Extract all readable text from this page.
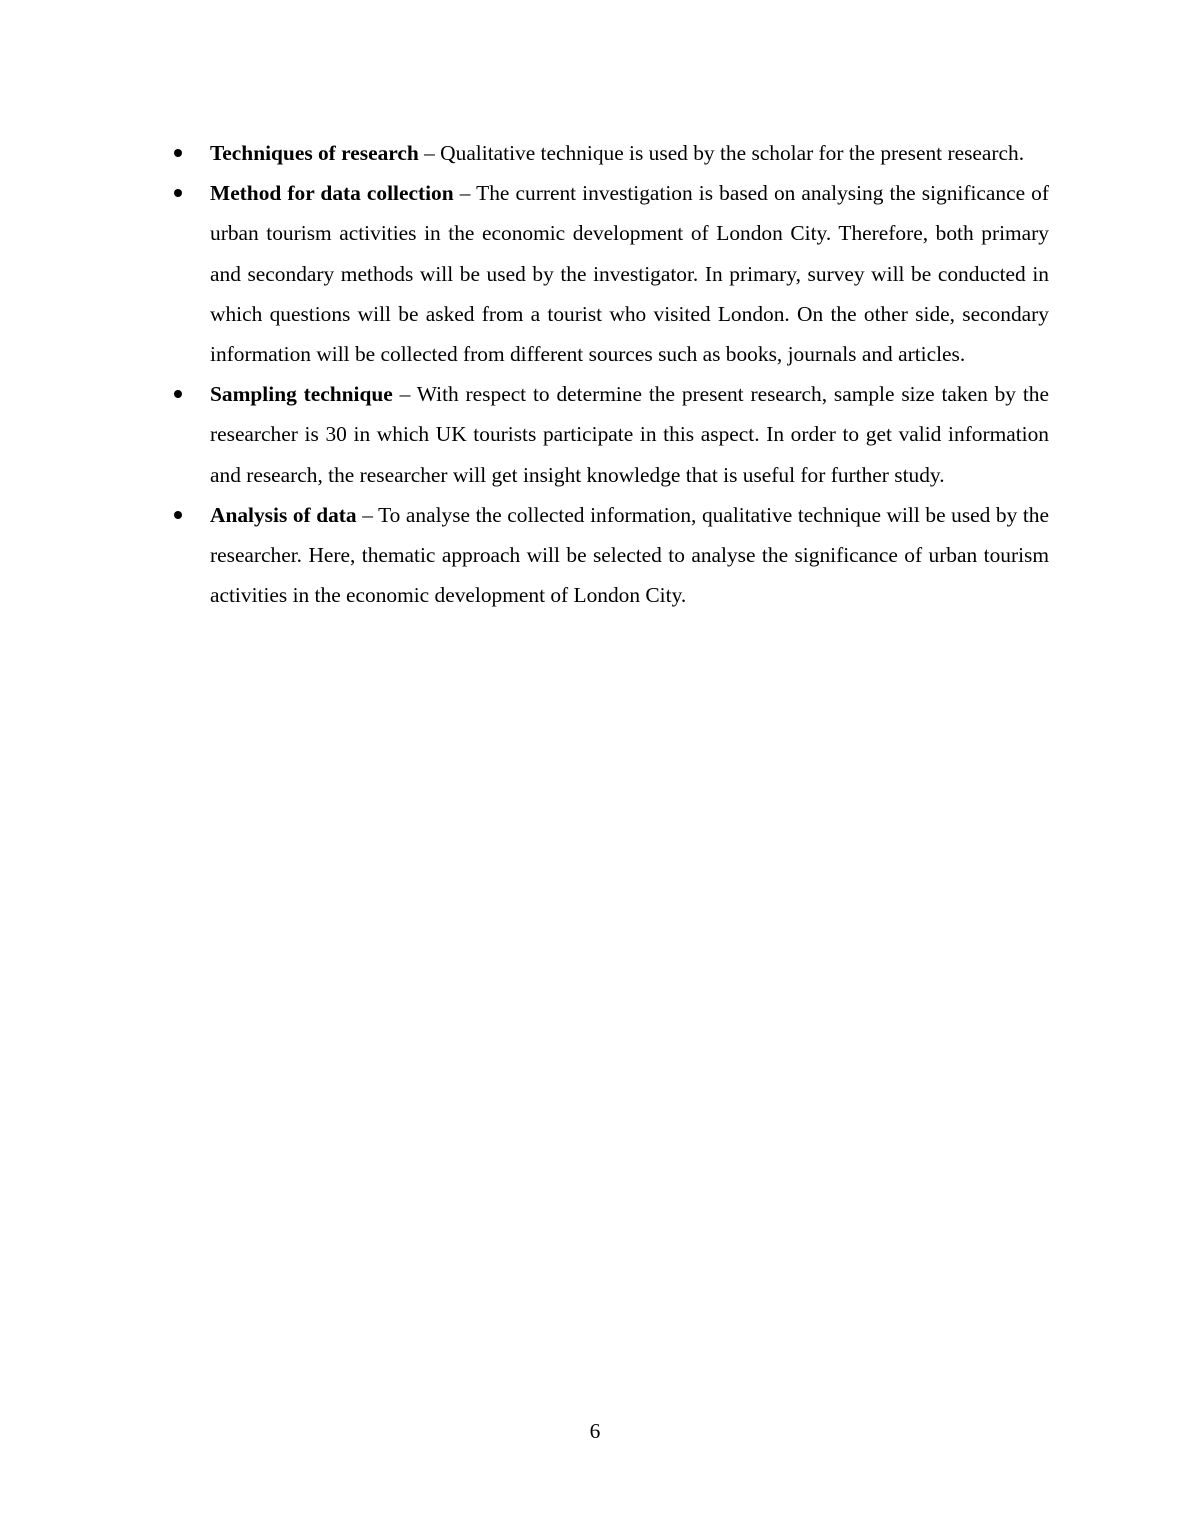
Techniques of research – Qualitative technique is used by the scholar for the present research.
Method for data collection – The current investigation is based on analysing the significance of urban tourism activities in the economic development of London City. Therefore, both primary and secondary methods will be used by the investigator. In primary, survey will be conducted in which questions will be asked from a tourist who visited London. On the other side, secondary information will be collected from different sources such as books, journals and articles.
Sampling technique – With respect to determine the present research, sample size taken by the researcher is 30 in which UK tourists participate in this aspect. In order to get valid information and research, the researcher will get insight knowledge that is useful for further study.
Analysis of data – To analyse the collected information, qualitative technique will be used by the researcher. Here, thematic approach will be selected to analyse the significance of urban tourism activities in the economic development of London City.
6
